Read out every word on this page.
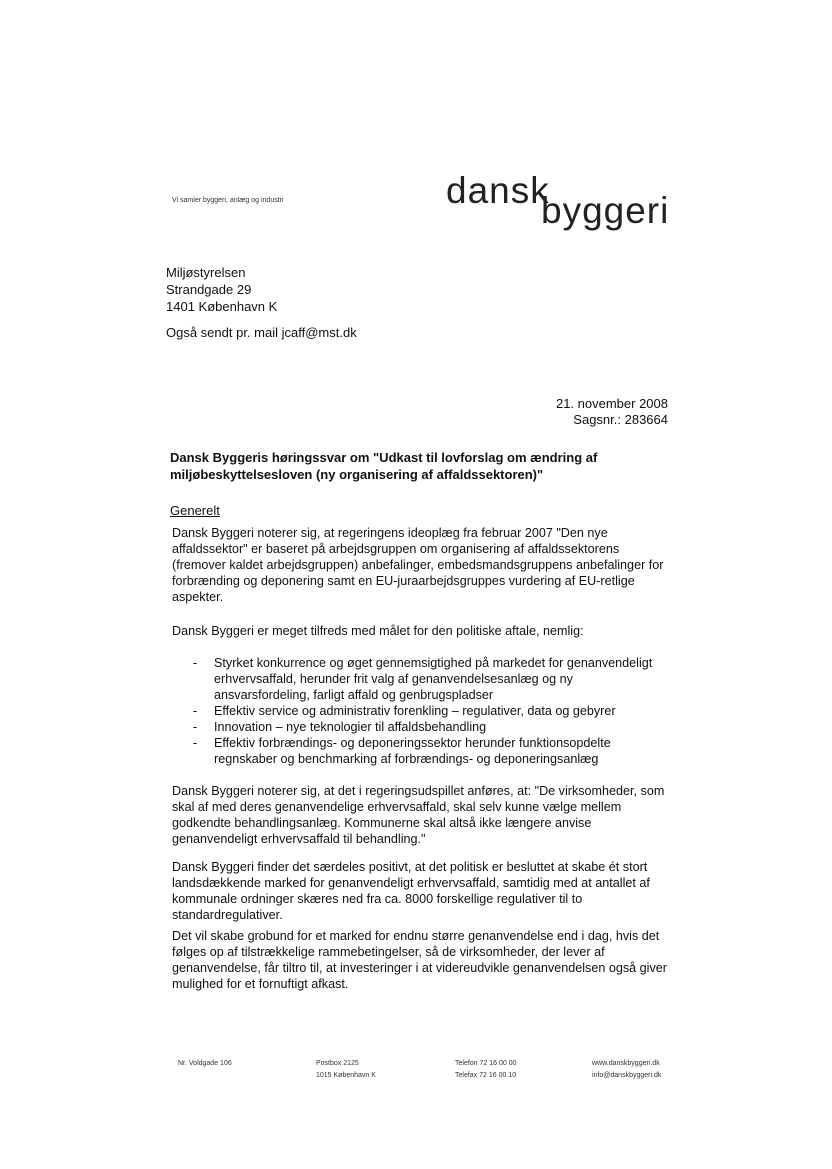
Vi samler byggeri, anlæg og industri	dansk
byggeri
Miljøstyrelsen
Strandgade 29
1401 København K
Også sendt pr. mail jcaff@mst.dk
21. november 2008
Sagsnr.: 283664
Dansk Byggeris høringssvar om "Udkast til lovforslag om ændring af miljøbeskyttelsesloven (ny organisering af affaldssektoren)"
Generelt
Dansk Byggeri noterer sig, at regeringens ideoplæg fra februar 2007 "Den nye affaldssektor" er baseret på arbejdsgruppen om organisering af affaldssektorens (fremover kaldet arbejdsgruppen) anbefalinger, embedsmandsgruppens anbefalinger for forbrænding og deponering samt en EU-juraarbejdsgruppes vurdering af EU-retlige aspekter.
Dansk Byggeri er meget tilfreds med målet for den politiske aftale, nemlig:
- Styrket konkurrence og øget gennemsigtighed på markedet for genanvendeligt erhvervsaffald, herunder frit valg af genanvendelsesanlæg og ny ansvarsfordeling, farligt affald og genbrugspladser
- Effektiv service og administrativ forenkling – regulativer, data og gebyrer
- Innovation – nye teknologier til affaldsbehandling
- Effektiv forbrændings- og deponeringssektor herunder funktionsopdelte regnskaber og benchmarking af forbrændings- og deponeringsanlæg
Dansk Byggeri noterer sig, at det i regeringsudspillet anføres, at: "De virksomheder, som skal af med deres genanvendelige erhvervsaffald, skal selv kunne vælge mellem godkendte behandlingsanlæg. Kommunerne skal altså ikke længere anvise genanvendeligt erhvervsaffald til behandling."
Dansk Byggeri finder det særdeles positivt, at det politisk er besluttet at skabe ét stort landsdækkende marked for genanvendeligt erhvervsaffald, samtidig med at antallet af kommunale ordninger skæres ned fra ca. 8000 forskellige regulativer til to standardregulativer.
Det vil skabe grobund for et marked for endnu større genanvendelse end i dag, hvis det følges op af tilstrækkelige rammebetingelser, så de virksomheder, der lever af genanvendelse, får tiltro til, at investeringer i at videreudvikle genanvendelsen også giver mulighed for et fornuftigt afkast.
Nr. Voldgade 106	Postbox 2125
1015 København K
Telefon 72 16 00 00
Telefax 72 16 00 10
www.danskbyggeri.dk
info@danskbyggeri.dk
